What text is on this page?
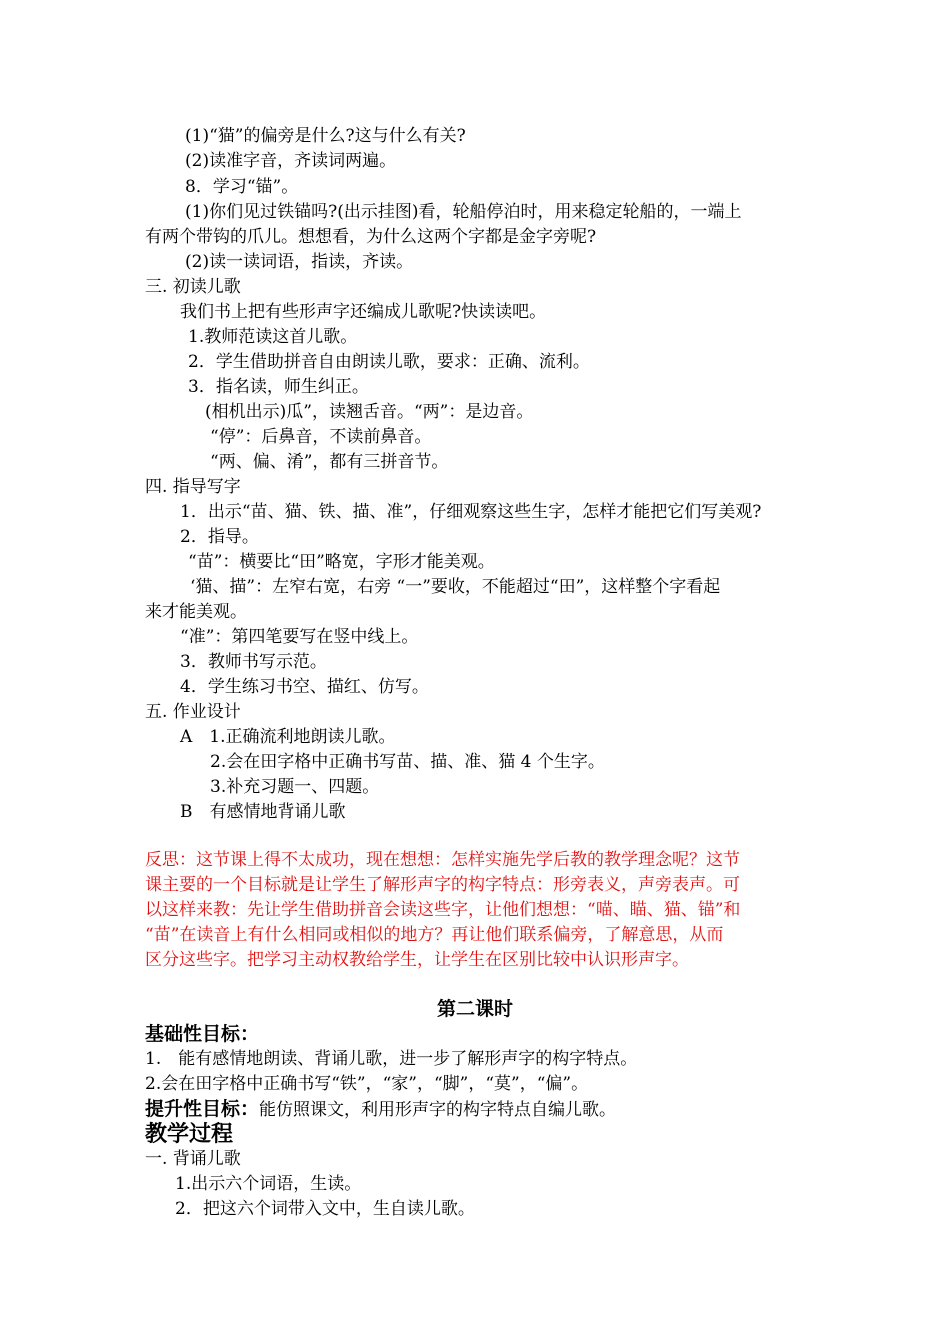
(1)“猫”的偏旁是什么?这与什么有关?
(2)读准字音，齐读词两遍。
8．学习“锚”。
(1)你们见过铁锚吗?(出示挂图)看，轮船停泊时，用来稳定轮船的，一端上
有两个带钩的爪儿。想想看，为什么这两个字都是金字旁呢?
(2)读一读词语，指读，齐读。
三. 初读儿歌
我们书上把有些形声字还编成儿歌呢?快读读吧。
1.教师范读这首儿歌。
2．学生借助拼音自由朗读儿歌，要求：正确、流利。
3．指名读，师生纠正。
(相机出示)瓜”，读翘舌音。“两”：是边音。
“停”：后鼻音，不读前鼻音。
“两、偏、淆”，都有三拼音节。
四. 指导写字
1．出示“苗、猫、铁、描、准”，仔细观察这些生字，怎样才能把它们写美观?
2．指导。
“苗”：横要比“田”略宽，字形才能美观。
‘猫、描”：左窄右宽，右旁 “一”要收，不能超过“田”，这样整个字看起
来才能美观。
“准”：第四笔要写在竖中线上。
3．教师书写示范。
4．学生练习书空、描红、仿写。
五. 作业设计
A　1.正确流利地朗读儿歌。
2.会在田字格中正确书写苗、描、准、猫 4 个生字。
3.补充习题一、四题。
B　有感情地背诵儿歌
反思：这节课上得不太成功，现在想想：怎样实施先学后教的教学理念呢？这节
课主要的一个目标就是让学生了解形声字的构字特点：形旁表义，声旁表声。可
以这样来教：先让学生借助拼音会读这些字，让他们想想：“喵、瞄、猫、锚”和
“苗”在读音上有什么相同或相似的地方？再让他们联系偏旁，了解意思，从而
区分这些字。把学习主动权教给学生，让学生在区别比较中认识形声字。
第二课时
基础性目标：
1.　能有感情地朗读、背诵儿歌，进一步了解形声字的构字特点。
2.会在田字格中正确书写“铁”，“家”，“脚”，“莫”，“偏”。
提升性目标：能仿照课文，利用形声字的构字特点自编儿歌。
教学过程
一. 背诵儿歌
1.出示六个词语，生读。
2．把这六个词带入文中，生自读儿歌。
